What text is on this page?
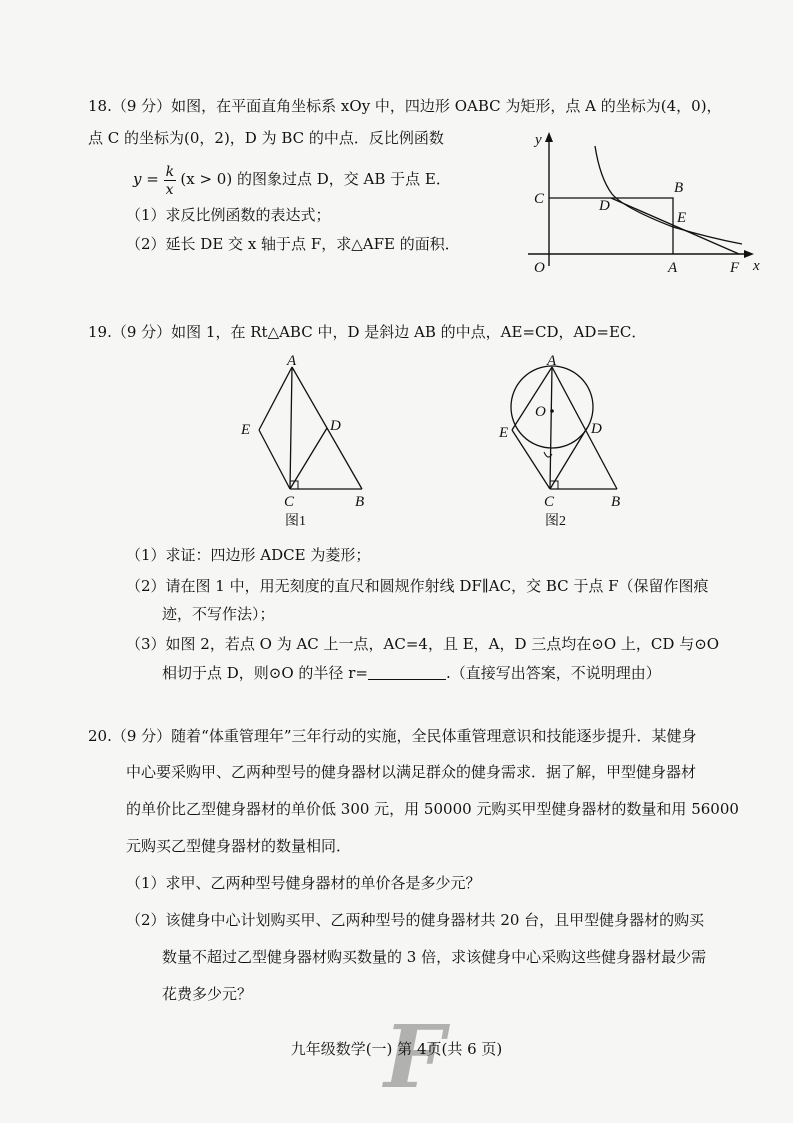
18.（9 分）如图，在平面直角坐标系 xOy 中，四边形 OABC 为矩形，点 A 的坐标为(4，0)，
点 C 的坐标为(0，2)，D 为 BC 的中点．反比例函数
$y = \frac{k}{x} (x > 0)$ 的图象过点 D，交 AB 于点 E．
（1）求反比例函数的表达式；
（2）延长 DE 交 x 轴于点 F，求△AFE 的面积．
y
x
O	A
B
C	D
E
F
19.（9 分）如图 1，在 Rt△ABC 中，D 是斜边 AB 的中点，AE=CD，AD=EC．
A
E	D
C	B
图1
A
O
E	D
C	B
图2
（1）求证：四边形 ADCE 为菱形；
（2）请在图 1 中，用无刻度的直尺和圆规作射线 DF∥AC，交 BC 于点 F（保留作图痕
迹，不写作法）；
（3）如图 2，若点 O 为 AC 上一点，AC=4，且 E，A，D 三点均在⊙O 上，CD 与⊙O
相切于点 D，则⊙O 的半径 r=	.（直接写出答案，不说明理由）
20.（9 分）随着“体重管理年”三年行动的实施，全民体重管理意识和技能逐步提升．某健身
中心要采购甲、乙两种型号的健身器材以满足群众的健身需求．据了解，甲型健身器材
的单价比乙型健身器材的单价低 300 元，用 50000 元购买甲型健身器材的数量和用 56000
元购买乙型健身器材的数量相同．
（1）求甲、乙两种型号健身器材的单价各是多少元？
（2）该健身中心计划购买甲、乙两种型号的健身器材共 20 台，且甲型健身器材的购买
数量不超过乙型健身器材购买数量的 3 倍，求该健身中心采购这些健身器材最少需
花费多少元？
F
九年级数学(一) 第 4页(共 6 页)
